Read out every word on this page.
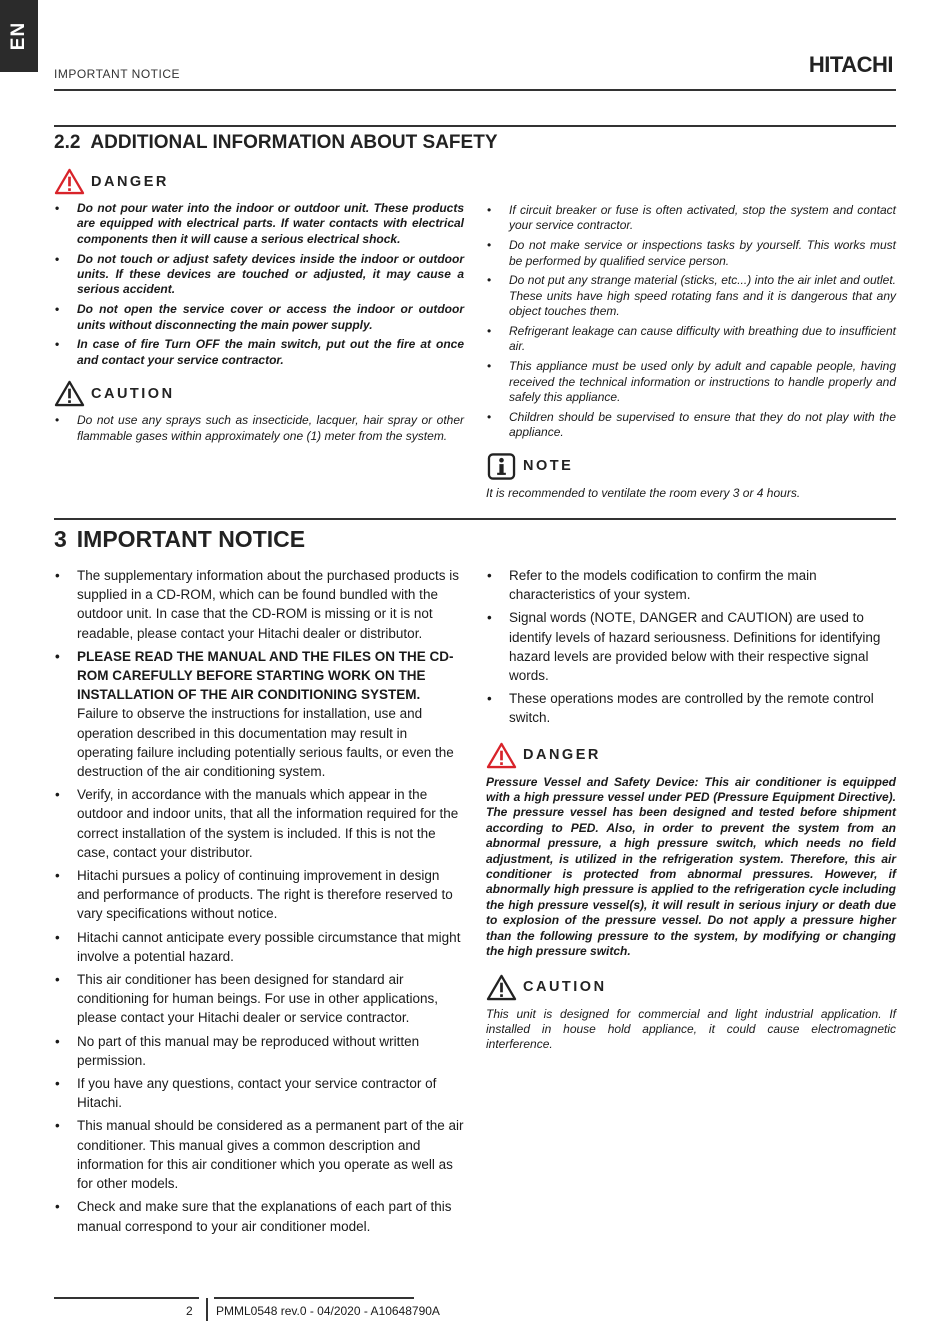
EN
IMPORTANT NOTICE	HITACHI
2.2 ADDITIONAL INFORMATION ABOUT SAFETY
DANGER
• Do not pour water into the indoor or outdoor unit. These products are equipped with electrical parts. If water contacts with electrical components then it will cause a serious electrical shock.
• Do not touch or adjust safety devices inside the indoor or outdoor units. If these devices are touched or adjusted, it may cause a serious accident.
• Do not open the service cover or access the indoor or outdoor units without disconnecting the main power supply.
• In case of fire Turn OFF the main switch, put out the fire at once and contact your service contractor.
CAUTION
• Do not use any sprays such as insecticide, lacquer, hair spray or other flammable gases within approximately one (1) meter from the system.
• If circuit breaker or fuse is often activated, stop the system and contact your service contractor.
• Do not make service or inspections tasks by yourself. This works must be performed by qualified service person.
• Do not put any strange material (sticks, etc...) into the air inlet and outlet. These units have high speed rotating fans and it is dangerous that any object touches them.
• Refrigerant leakage can cause difficulty with breathing due to insufficient air.
• This appliance must be used only by adult and capable people, having received the technical information or instructions to handle properly and safely this appliance.
• Children should be supervised to ensure that they do not play with the appliance.
NOTE

It is recommended to ventilate the room every 3 or 4 hours.

3 IMPORTANT NOTICE
• The supplementary information about the purchased products is supplied in a CD-ROM, which can be found bundled with the outdoor unit. In case that the CD-ROM is missing or it is not readable, please contact your Hitachi dealer or distributor.
• PLEASE READ THE MANUAL AND THE FILES ON THE CD-ROM CAREFULLY BEFORE STARTING WORK ON THE INSTALLATION OF THE AIR CONDITIONING SYSTEM. Failure to observe the instructions for installation, use and operation described in this documentation may result in operating failure including potentially serious faults, or even the destruction of the air conditioning system.
• Verify, in accordance with the manuals which appear in the outdoor and indoor units, that all the information required for the correct installation of the system is included. If this is not the case, contact your distributor.
• Hitachi pursues a policy of continuing improvement in design and performance of products. The right is therefore reserved to vary specifications without notice.
• Hitachi cannot anticipate every possible circumstance that might involve a potential hazard.
• This air conditioner has been designed for standard air conditioning for human beings. For use in other applications, please contact your Hitachi dealer or service contractor.
• No part of this manual may be reproduced without written permission.
• If you have any questions, contact your service contractor of Hitachi.
• This manual should be considered as a permanent part of the air conditioner. This manual gives a common description and information for this air conditioner which you operate as well as for other models.
• Check and make sure that the explanations of each part of this manual correspond to your air conditioner model.
• Refer to the models codification to confirm the main characteristics of your system.
• Signal words (NOTE, DANGER and CAUTION) are used to identify levels of hazard seriousness. Definitions for identifying hazard levels are provided below with their respective signal words.
• These operations modes are controlled by the remote control switch.
DANGER

Pressure Vessel and Safety Device: This air conditioner is equipped with a high pressure vessel under PED (Pressure Equipment Directive). The pressure vessel has been designed and tested before shipment according to PED. Also, in order to prevent the system from an abnormal pressure, a high pressure switch, which needs no field adjustment, is utilized in the refrigeration system. Therefore, this air conditioner is protected from abnormal pressures. However, if abnormally high pressure is applied to the refrigeration cycle including the high pressure vessel(s), it will result in serious injury or death due to explosion of the pressure vessel. Do not apply a pressure higher than the following pressure to the system, by modifying or changing the high pressure switch.

CAUTION

This unit is designed for commercial and light industrial application. If installed in house hold appliance, it could cause electromagnetic interference.

2 PMML0548 rev.0 - 04/2020 - A10648790A
